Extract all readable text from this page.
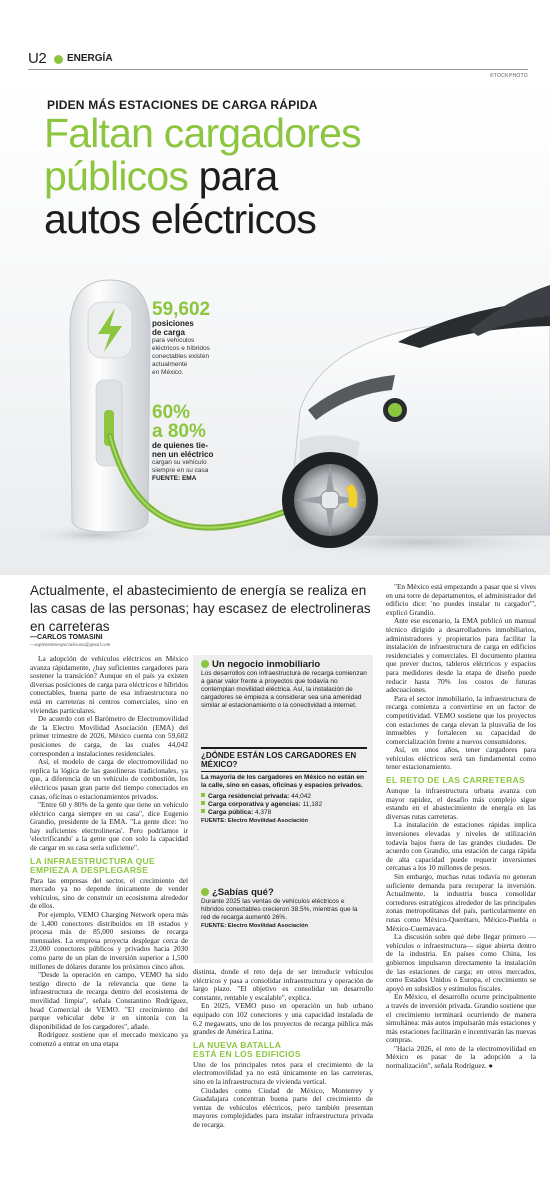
U2 ENERGÍA
©TOCKPHOTO
PIDEN MÁS ESTACIONES DE CARGA RÁPIDA
Faltan cargadores
públicos para
autos eléctricos
59,602
posiciones
de carga
para vehículos
eléctricos e híbridos
conectables existen
actualmente
en México.
60%
a 80%
de quienes tie-
nen un eléctrico
cargan su vehículo
siempre en su casa
FUENTE: EMA
Actualmente, el abastecimiento de energía se realiza en las casas de las personas; hay escasez de electrolineras en carreteras
—CARLOS TOMASINI
—suplementoespeciales.mx@gmail.com

La adopción de vehículos eléctricos en México avanza rápidamente, ¿hay suficientes cargadores para sostener la transición? Aunque en el país ya existen diversas posiciones de carga para eléctricos e híbridos conectables, buena parte de esa infraestructura no está en carreteras ni centros comerciales, sino en viviendas particulares.

De acuerdo con el Barómetro de Electromovilidad de la Electro Movilidad Asociación (EMA) del primer trimestre de 2026, México cuenta con 59,602 posiciones de carga, de las cuales 44,042 corresponden a instalaciones residenciales.

Así, el modelo de carga de electromovilidad no replica la lógica de las gasolineras tradicionales, ya que, a diferencia de un vehículo de combustión, los eléctricos pasan gran parte del tiempo conectados en casas, oficinas o estacionamientos privados.

"Entre 60 y 80% de la gente que tiene un vehículo eléctrico carga siempre en su casa", dice Eugenio Grandio, presidente de la EMA. "La gente dice: 'no hay suficientes electrolineras'. Pero podríamos ir 'electrificando' a la gente que con solo la capacidad de cargar en su casa sería suficiente".

LA INFRAESTRUCTURA QUE
EMPIEZA A DESPLEGARSE

Para las empresas del sector, el crecimiento del mercado ya no depende únicamente de vender vehículos, sino de construir un ecosistema alrededor de ellos.

Por ejemplo, VEMO Charging Network opera más de 1,400 conectores distribuidos en 18 estados y procesa más de 85,000 sesiones de recarga mensuales. La empresa proyecta desplegar cerca de 23,000 conectores públicos y privados hacia 2030 como parte de un plan de inversión superior a 1,500 millones de dólares durante los próximos cinco años.

"Desde la operación en campo, VEMO ha sido testigo directo de la relevancia que tiene la infraestructura de recarga dentro del ecosistema de movilidad limpia", señala Constantino Rodríguez, head Comercial de VEMO. "El crecimiento del parque vehicular debe ir en sintonía con la disponibilidad de los cargadores", añade.

Rodríguez sostiene que el mercado mexicano ya comenzó a entrar en una etapa

Un negocio inmobiliario
Los desarrollos con infraestructura de recarga comienzan a ganar valor frente a proyectos que todavía no contemplan movilidad eléctrica. Así, la instalación de cargadores se empieza a considerar sea una amenidad similar al estacionamiento o la conectividad a internet.
¿DÓNDE ESTÁN LOS CARGADORES EN MÉXICO?
La mayoría de los cargadores en México no están en la calle, sino en casas, oficinas y espacios privados.
Carga residencial privada: 44,042
Carga corporativa y agencias: 11,182
Carga pública: 4,378
FUENTE: Electro Movilidad Asociación
¿Sabías qué?
Durante 2025 las ventas de vehículos eléctricos e híbridos conectables crecieron 38.5%, mientras que la red de recarga aumentó 26%.
FUENTE: Electro Movilidad Asociación

distinta, donde el reto deja de ser introducir vehículos eléctricos y pasa a consolidar infraestructura y operación de largo plazo. "El objetivo es consolidar un desarrollo constante, rentable y escalable", explica.

En 2025, VEMO puso en operación un hub urbano equipado con 102 conectores y una capacidad instalada de 6.2 megawatts, uno de los proyectos de recarga pública más grandes de América Latina.

LA NUEVA BATALLA
ESTÁ EN LOS EDIFICIOS

Uno de los principales retos para el crecimiento de la electromovilidad ya no está únicamente en las carreteras, sino en la infraestructura de vivienda vertical.

Ciudades como Ciudad de México, Monterrey y Guadalajara concentran buena parte del crecimiento de ventas de vehículos eléctricos, pero también presentan mayores complejidades para instalar infraestructura privada de recarga.

"En México está empezando a pasar que si vives en una torre de departamentos, el administrador del edificio dice: 'no puedes instalar tu cargador'", explicó Grandio.

Ante ese escenario, la EMA publicó un manual técnico dirigido a desarrolladores inmobiliarios, administradores y propietarios para facilitar la instalación de infraestructura de carga en edificios residenciales y comerciales. El documento plantea que prever ductos, tableros eléctricos y espacios para medidores desde la etapa de diseño puede reducir hasta 70% los costos de futuras adecuaciones.

Para el sector inmobiliario, la infraestructura de recarga comienza a convertirse en un factor de competitividad. VEMO sostiene que los proyectos con estaciones de carga elevan la plusvalía de los inmuebles y fortalecen su capacidad de comercialización frente a nuevos consumidores.

Así, en unos años, tener cargadores para vehículos eléctricos será tan fundamental como tener estacionamiento.

EL RETO DE LAS CARRETERAS

Aunque la infraestructura urbana avanza con mayor rapidez, el desafío más complejo sigue estando en el abastecimiento de energía en las diversas rutas carreteras.

La instalación de estaciones rápidas implica inversiones elevadas y niveles de utilización todavía bajos fuera de las grandes ciudades. De acuerdo con Grandio, una estación de carga rápida de alta capacidad puede requerir inversiones cercanas a los 10 millones de pesos.

Sin embargo, muchas rutas todavía no generan suficiente demanda para recuperar la inversión. Actualmente, la industria busca consolidar corredores estratégicos alrededor de las principales zonas metropolitanas del país, particularmente en rutas como México-Querétaro, México-Puebla o México-Cuernavaca.

La discusión sobre qué debe llegar primero —vehículos o infraestructura— sigue abierta dentro de la industria. En países como China, los gobiernos impulsaron directamente la instalación de las estaciones de carga; en otros mercados, como Estados Unidos o Europa, el crecimiento se apoyó en subsidios y estímulos fiscales.

En México, el desarrollo ocurre principalmente a través de inversión privada. Grandio sostiene que el crecimiento terminará ocurriendo de manera simultánea: más autos impulsarán más estaciones y más estaciones facilitarán e incentivarán las nuevas compras.

"Hacia 2026, el reto de la electromovilidad en México es pasar de la adopción a la normalización", señala Rodríguez. ●
